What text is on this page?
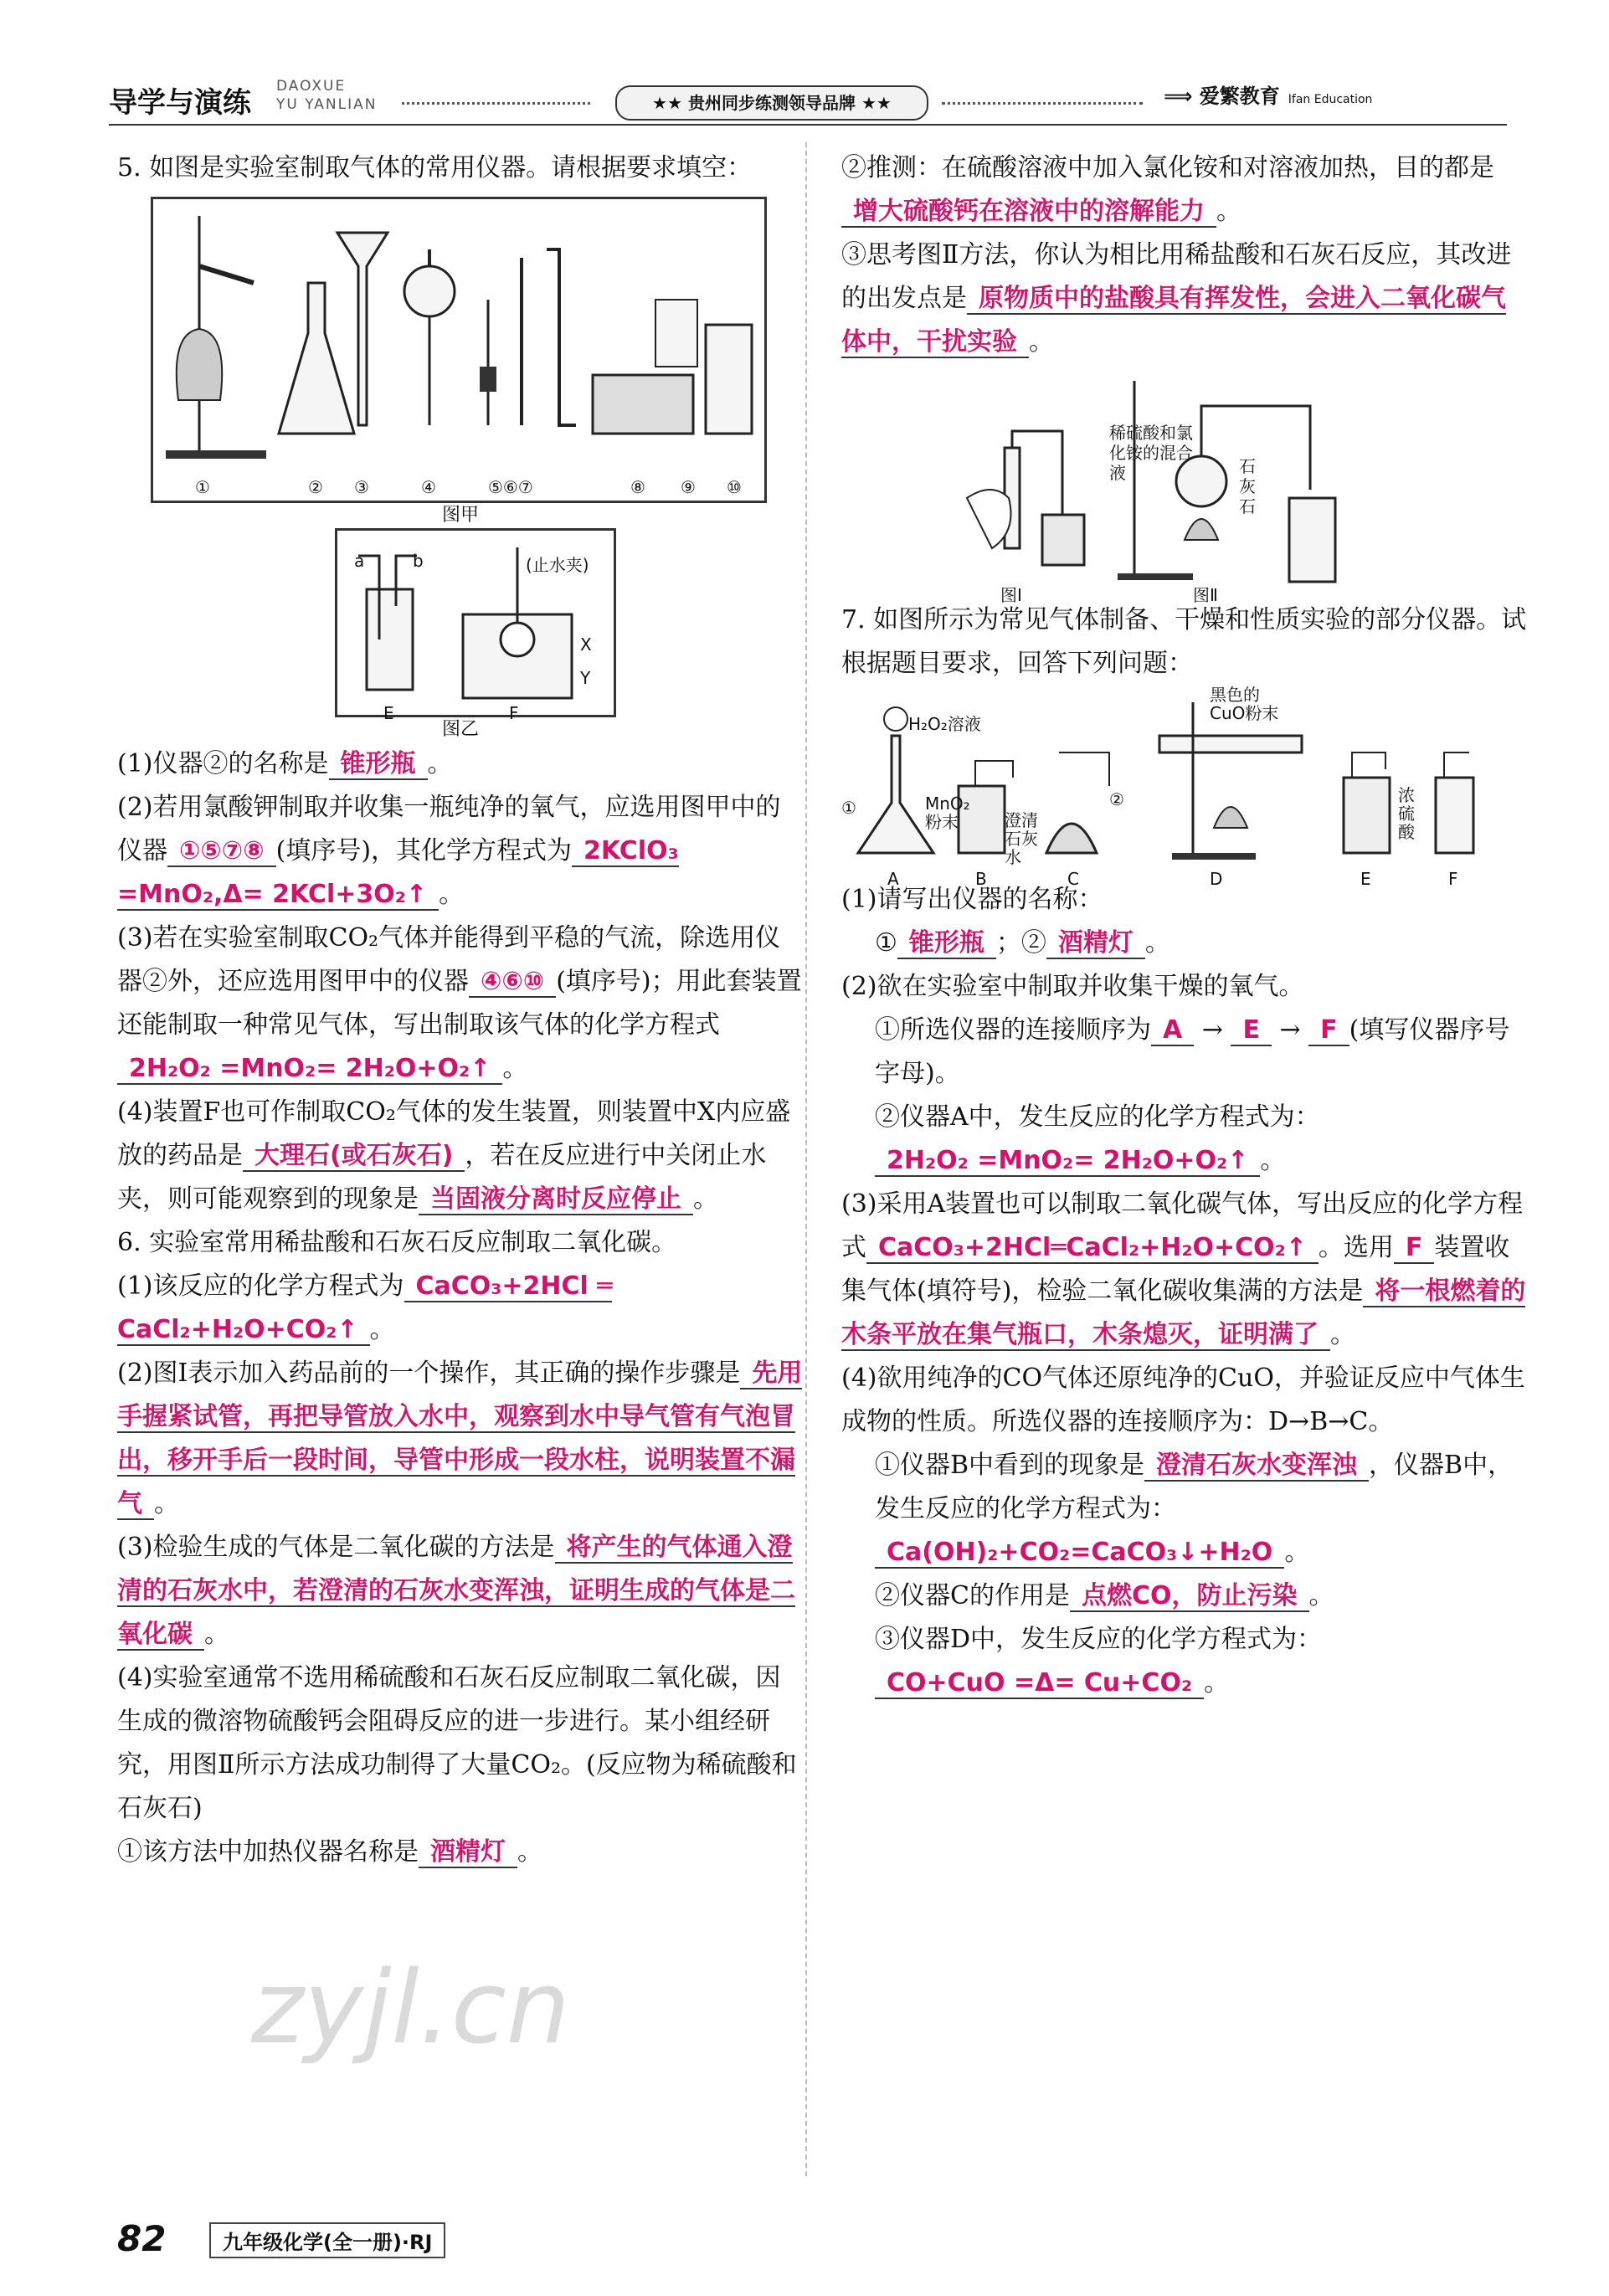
导学与演练 DAOXUE
YU YANLIAN	★★ 贵州同步练测领导品牌 ★★	⟹ 爱繁教育 Ifan Education

5. 如图是实验室制取气体的常用仪器。请根据要求填空：

①	② ③	④	⑤⑥⑦	⑧ ⑨ ⑩
图甲
a	b	(止水夹)
X
Y
E	F
图乙

(1)仪器②的名称是 锥形瓶 。

(2)若用氯酸钾制取并收集一瓶纯净的氧气，应选用图甲中的仪器 ①⑤⑦⑧ (填序号)，其化学方程式为 2KClO₃ =MnO₂,Δ= 2KCl+3O₂↑ 。

(3)若在实验室制取CO₂气体并能得到平稳的气流，除选用仪器②外，还应选用图甲中的仪器 ④⑥⑩ (填序号)；用此套装置还能制取一种常见气体，写出制取该气体的化学方程式2H₂O₂ =MnO₂= 2H₂O+O₂↑ 。

(4)装置F也可作制取CO₂气体的发生装置，则装置中X内应盛放的药品是 大理石(或石灰石) ，若在反应进行中关闭止水夹，则可能观察到的现象是 当固液分离时反应停止 。

6. 实验室常用稀盐酸和石灰石反应制取二氧化碳。

(1)该反应的化学方程式为 CaCO₃+2HCl ═ CaCl₂+H₂O+CO₂↑ 。

(2)图Ⅰ表示加入药品前的一个操作，其正确的操作步骤是 先用手握紧试管，再把导管放入水中，观察到水中导气管有气泡冒出，移开手后一段时间，导管中形成一段水柱，说明装置不漏气 。

(3)检验生成的气体是二氧化碳的方法是 将产生的气体通入澄清的石灰水中，若澄清的石灰水变浑浊，证明生成的气体是二氧化碳 。

(4)实验室通常不选用稀硫酸和石灰石反应制取二氧化碳，因生成的微溶物硫酸钙会阻碍反应的进一步进行。某小组经研究，用图Ⅱ所示方法成功制得了大量CO₂。(反应物为稀硫酸和石灰石)

①该方法中加热仪器名称是 酒精灯 。

②推测：在硫酸溶液中加入氯化铵和对溶液加热，目的都是增大硫酸钙在溶液中的溶解能力 。

③思考图Ⅱ方法，你认为相比用稀盐酸和石灰石反应，其改进的出发点是 原物质中的盐酸具有挥发性，会进入二氧化碳气体中，干扰实验 。

稀硫酸和氯化铵的混合液	石灰石
图Ⅰ	图Ⅱ

7. 如图所示为常见气体制备、干燥和性质实验的部分仪器。试根据题目要求，回答下列问题：

H₂O₂溶液
①	MnO₂粉末	澄清石灰水
②
黑色的CuO粉末
浓硫酸
A	B	C	D	E	F

(1)请写出仪器的名称：

① 锥形瓶 ；② 酒精灯 。

(2)欲在实验室中制取并收集干燥的氧气。

①所选仪器的连接顺序为 A → E → F (填写仪器序号字母)。

②仪器A中，发生反应的化学方程式为：
2H₂O₂ =MnO₂= 2H₂O+O₂↑ 。

(3)采用A装置也可以制取二氧化碳气体，写出反应的化学方程式 CaCO₃+2HCl═CaCl₂+H₂O+CO₂↑ 。选用 F 装置收集气体(填符号)，检验二氧化碳收集满的方法是 将一根燃着的木条平放在集气瓶口，木条熄灭，证明满了 。

(4)欲用纯净的CO气体还原纯净的CuO，并验证反应中气体生成物的性质。所选仪器的连接顺序为：D→B→C。

①仪器B中看到的现象是 澄清石灰水变浑浊 ，仪器B中，发生反应的化学方程式为：
Ca(OH)₂+CO₂=CaCO₃↓+H₂O 。

②仪器C的作用是 点燃CO，防止污染 。

③仪器D中，发生反应的化学方程式为：
CO+CuO =Δ= Cu+CO₂ 。

zyjl.cn
82	九年级化学(全一册)·RJ
